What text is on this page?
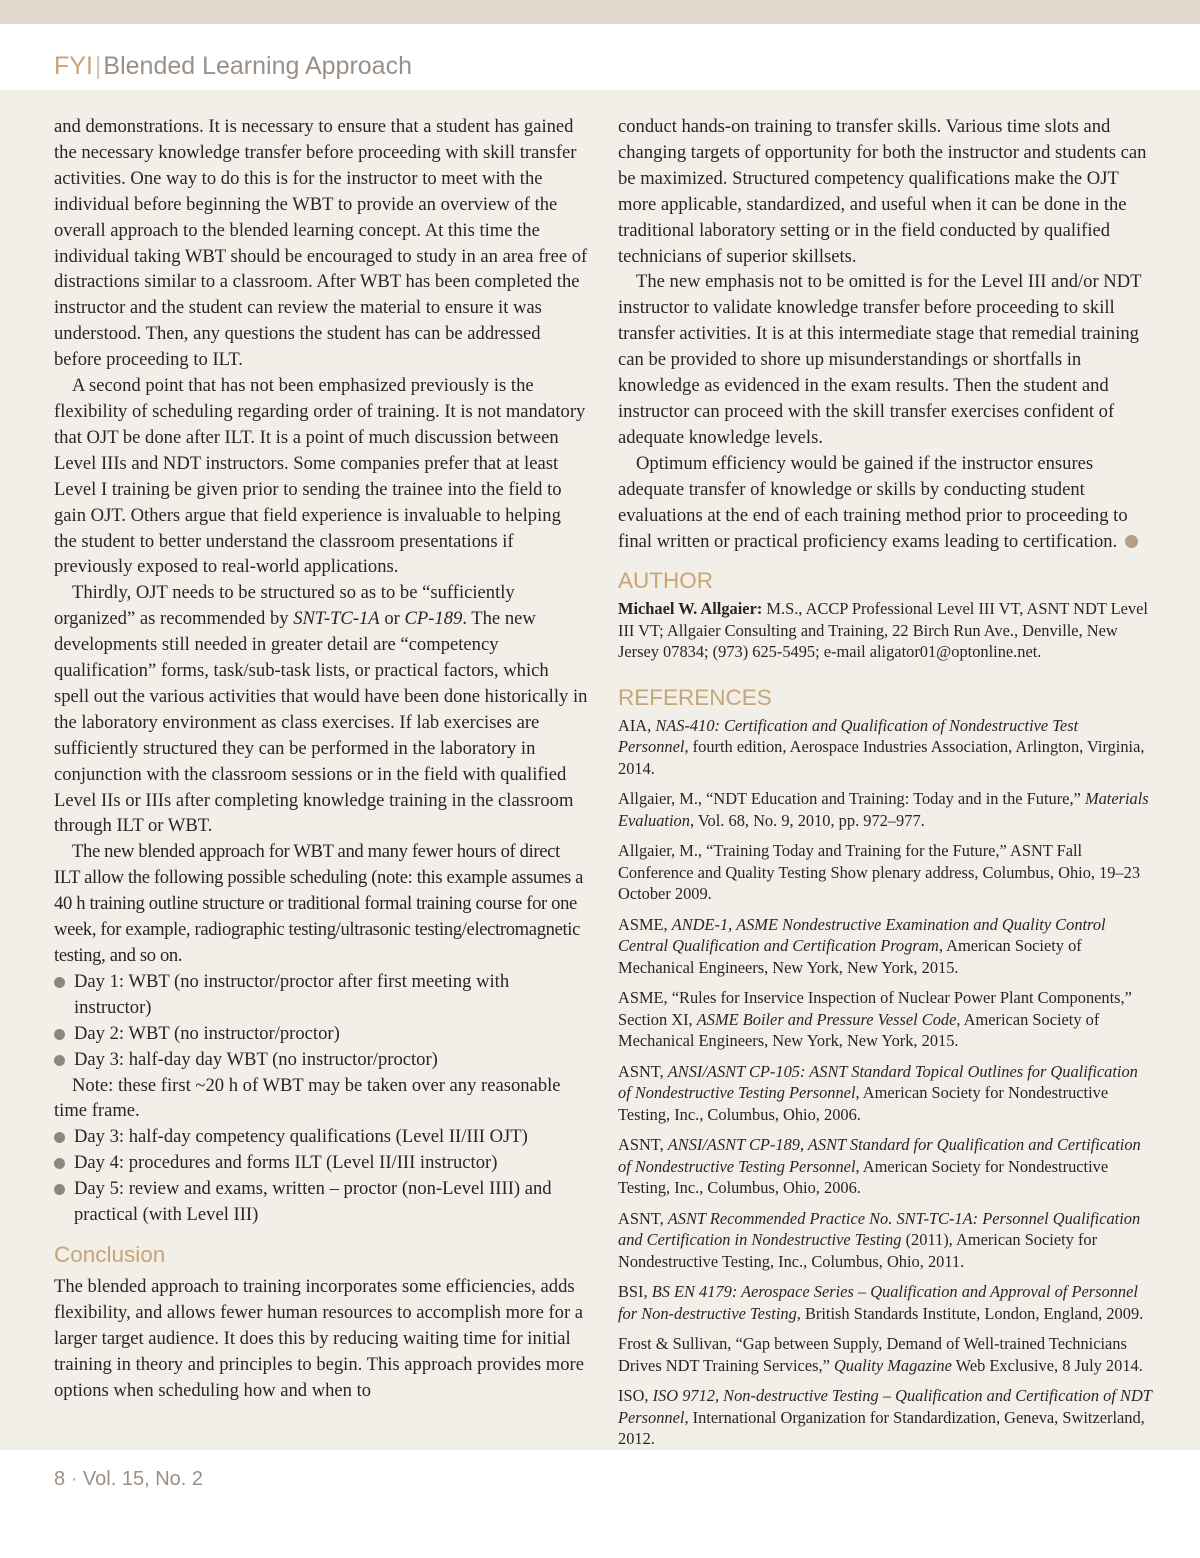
FYI|Blended Learning Approach

and demonstrations. It is necessary to ensure that a student has gained the necessary knowledge transfer before proceeding with skill transfer activities. One way to do this is for the instructor to meet with the individual before beginning the WBT to provide an overview of the overall approach to the blended learning concept. At this time the individual taking WBT should be encouraged to study in an area free of distractions similar to a classroom. After WBT has been completed the instructor and the student can review the material to ensure it was understood. Then, any questions the student has can be addressed before proceeding to ILT.

A second point that has not been emphasized previously is the flexibility of scheduling regarding order of training. It is not mandatory that OJT be done after ILT. It is a point of much discussion between Level IIIs and NDT instructors. Some companies prefer that at least Level I training be given prior to sending the trainee into the field to gain OJT. Others argue that field experience is invaluable to helping the student to better understand the classroom presentations if previously exposed to real-world applications.

Thirdly, OJT needs to be structured so as to be “sufficiently organized” as recommended by SNT-TC-1A or CP-189. The new developments still needed in greater detail are “competency qualification” forms, task/sub-task lists, or practical factors, which spell out the various activities that would have been done historically in the laboratory environment as class exercises. If lab exercises are sufficiently structured they can be performed in the laboratory in conjunction with the classroom sessions or in the field with qualified Level IIs or IIIs after completing knowledge training in the classroom through ILT or WBT.

The new blended approach for WBT and many fewer hours of direct ILT allow the following possible scheduling (note: this example assumes a 40 h training outline structure or traditional formal training course for one week, for example, radiographic testing/ultrasonic testing/electromagnetic testing, and so on.

Day 1: WBT (no instructor/proctor after first meeting with instructor)
Day 2: WBT (no instructor/proctor)
Day 3: half-day day WBT (no instructor/proctor)

Note: these first ~20 h of WBT may be taken over any reasonable time frame.

Day 3: half-day competency qualifications (Level II/III OJT)
Day 4: procedures and forms ILT (Level II/III instructor)
Day 5: review and exams, written – proctor (non-Level IIII) and practical (with Level III)
Conclusion

The blended approach to training incorporates some efficiencies, adds flexibility, and allows fewer human resources to accomplish more for a larger target audience. It does this by reducing waiting time for initial training in theory and principles to begin. This approach provides more options when scheduling how and when to

conduct hands-on training to transfer skills. Various time slots and changing targets of opportunity for both the instructor and students can be maximized. Structured competency qualifications make the OJT more applicable, standardized, and useful when it can be done in the traditional laboratory setting or in the field conducted by qualified technicians of superior skillsets.

The new emphasis not to be omitted is for the Level III and/or NDT instructor to validate knowledge transfer before proceeding to skill transfer activities. It is at this intermediate stage that remedial training can be provided to shore up misunderstandings or shortfalls in knowledge as evidenced in the exam results. Then the student and instructor can proceed with the skill transfer exercises confident of adequate knowledge levels.

Optimum efficiency would be gained if the instructor ensures adequate transfer of knowledge or skills by conducting student evaluations at the end of each training method prior to proceeding to final written or practical proficiency exams leading to certification.

AUTHOR

Michael W. Allgaier: M.S., ACCP Professional Level III VT, ASNT NDT Level III VT; Allgaier Consulting and Training, 22 Birch Run Ave., Denville, New Jersey 07834; (973) 625-5495; e-mail aligator01@optonline.net.

REFERENCES

AIA, NAS-410: Certification and Qualification of Nondestructive Test Personnel, fourth edition, Aerospace Industries Association, Arlington, Virginia, 2014.

Allgaier, M., “NDT Education and Training: Today and in the Future,” Materials Evaluation, Vol. 68, No. 9, 2010, pp. 972–977.

Allgaier, M., “Training Today and Training for the Future,” ASNT Fall Conference and Quality Testing Show plenary address, Columbus, Ohio, 19–23 October 2009.

ASME, ANDE-1, ASME Nondestructive Examination and Quality Control Central Qualification and Certification Program, American Society of Mechanical Engineers, New York, New York, 2015.

ASME, “Rules for Inservice Inspection of Nuclear Power Plant Components,” Section XI, ASME Boiler and Pressure Vessel Code, American Society of Mechanical Engineers, New York, New York, 2015.

ASNT, ANSI/ASNT CP-105: ASNT Standard Topical Outlines for Qualification of Nondestructive Testing Personnel, American Society for Nondestructive Testing, Inc., Columbus, Ohio, 2006.

ASNT, ANSI/ASNT CP-189, ASNT Standard for Qualification and Certification of Nondestructive Testing Personnel, American Society for Nondestructive Testing, Inc., Columbus, Ohio, 2006.

ASNT, ASNT Recommended Practice No. SNT-TC-1A: Personnel Qualification and Certification in Nondestructive Testing (2011), American Society for Nondestructive Testing, Inc., Columbus, Ohio, 2011.

BSI, BS EN 4179: Aerospace Series – Qualification and Approval of Personnel for Non-destructive Testing, British Standards Institute, London, England, 2009.

Frost & Sullivan, “Gap between Supply, Demand of Well-trained Technicians Drives NDT Training Services,” Quality Magazine Web Exclusive, 8 July 2014.

ISO, ISO 9712, Non-destructive Testing – Qualification and Certification of NDT Personnel, International Organization for Standardization, Geneva, Switzerland, 2012.

8 · Vol. 15, No. 2
